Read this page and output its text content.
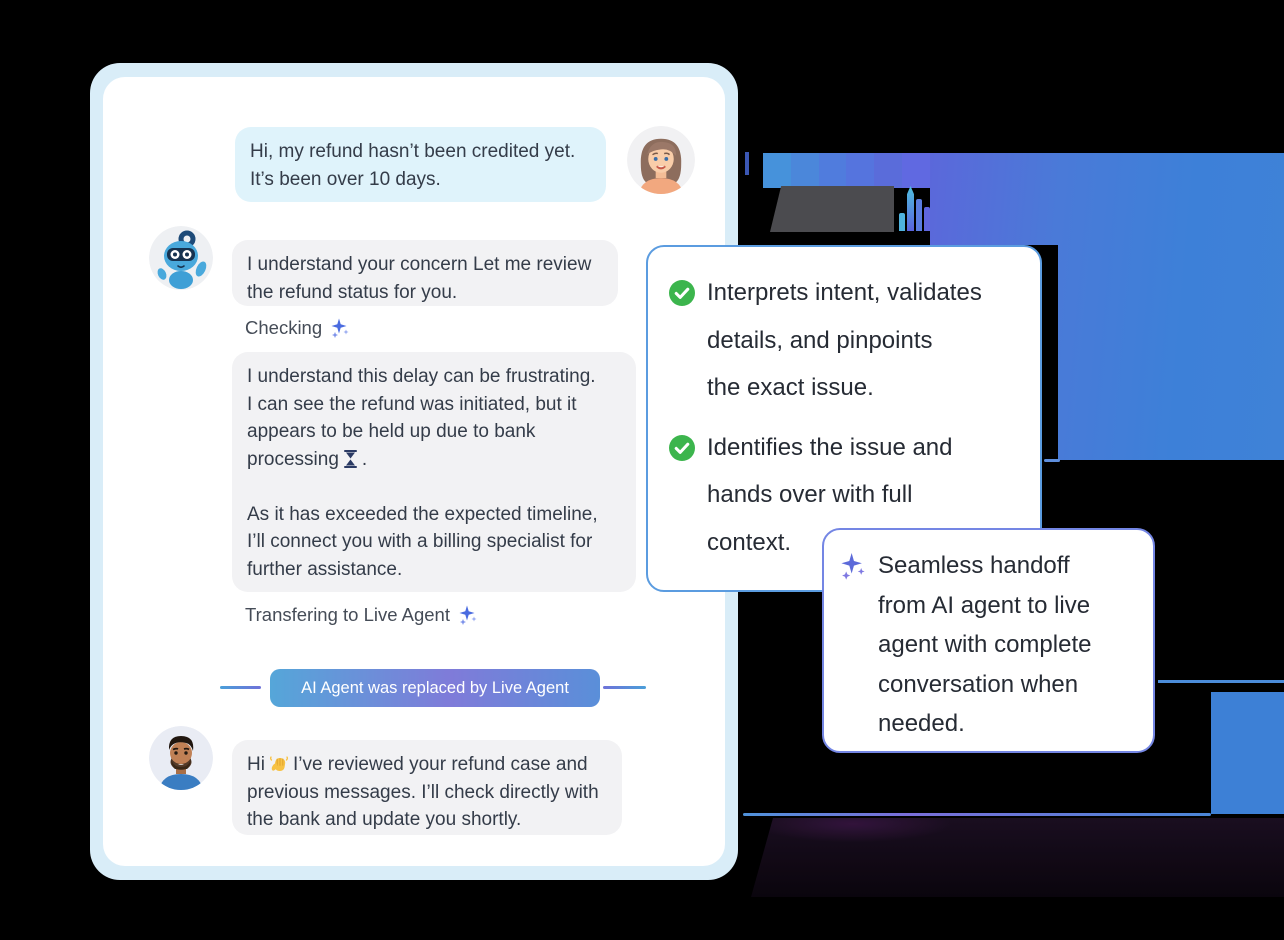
Hi, my refund hasn’t been credited yet.
It’s been over 10 days.
I understand your concern Let me review
the refund status for you.
Checking
I understand this delay can be frustrating.
I can see the refund was initiated, but it
appears to be held up due to bank
processing .
As it has exceeded the expected timeline,
I’ll connect you with a billing specialist for
further assistance.
Transfering to Live Agent
AI Agent was replaced by Live Agent
Hi I’ve reviewed your refund case and
previous messages. I’ll check directly with
the bank and update you shortly.
Interprets intent, validates
details, and pinpoints
the exact issue.
Identifies the issue and
hands over with full
context.
Seamless handoff
from AI agent to live
agent with complete
conversation when
needed.
